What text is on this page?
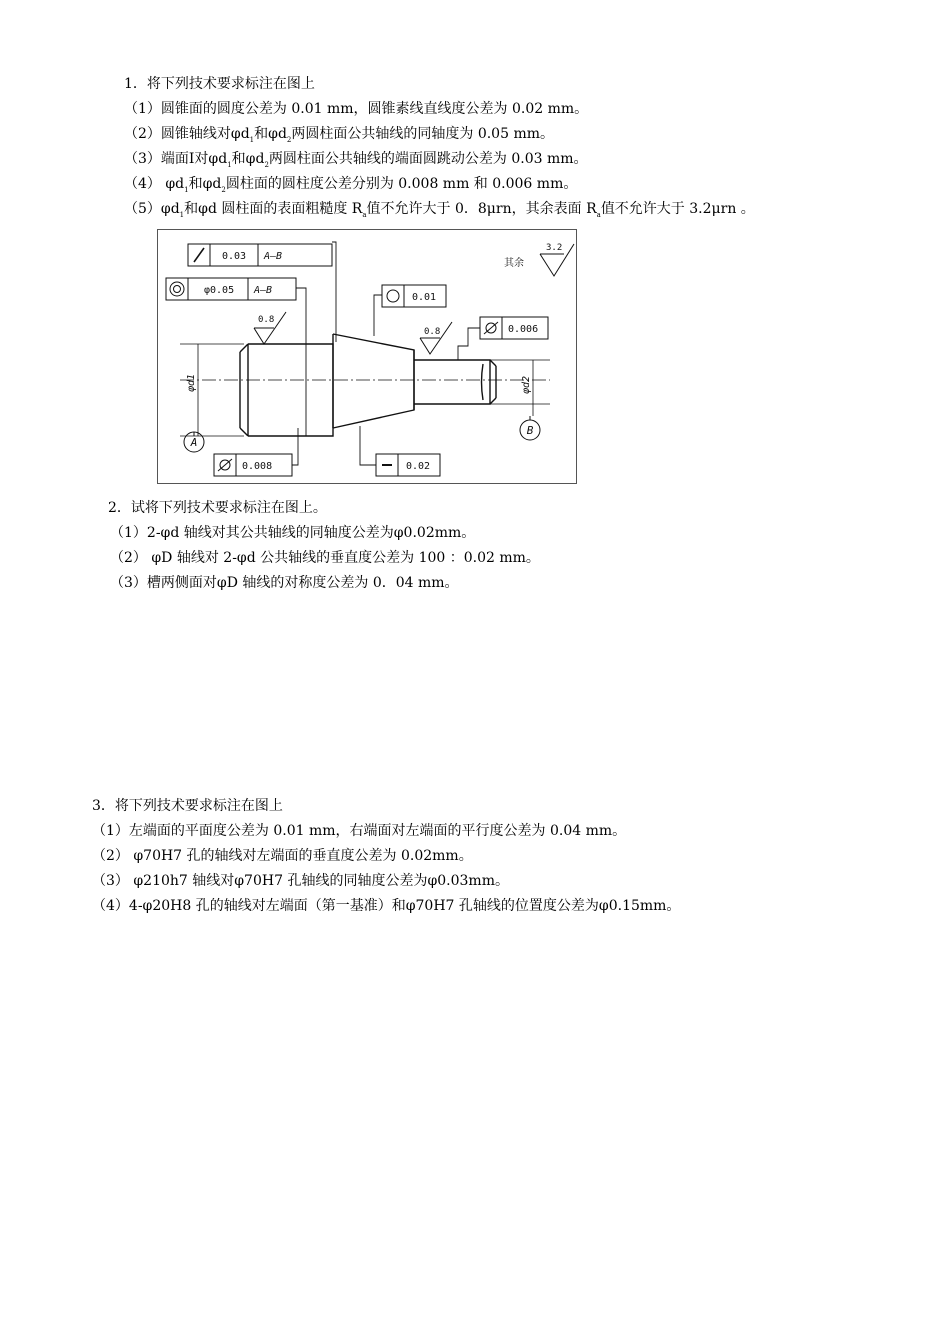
1．将下列技术要求标注在图上
（1）圆锥面的圆度公差为 0.01 mm，圆锥素线直线度公差为 0.02 mm。
（2）圆锥轴线对$\varphi d_1$和$\varphi d_2$两圆柱面公共轴线的同轴度为 0.05 mm。
（3）端面Ⅰ对$\varphi d_1$和$\varphi d_2$两圆柱面公共轴线的端面圆跳动公差为 0.03 mm。
（4） $\varphi d_1$和$\varphi d_2$圆柱面的圆柱度公差分别为 0.008 mm 和 0.006 mm。
$(5)\varphi d_1$和φd 圆柱面的表面粗糙度 $R_a$值不允许大于 0．8μrn，其余表面 $R_a$值不允许大于 3.2μrn 。
0.03 A—B
φ0.05 A—B
0.01
0.006
0.008	0.02
0.8
0.8
3.2
其余
A
B
φd1	φd2
2．试将下列技术要求标注在图上。
（1）2-φd 轴线对其公共轴线的同轴度公差为φ0.02mm。
（2） φD 轴线对 2-φd 公共轴线的垂直度公差为 100 ：0.02 mm。
（3）槽两侧面对φD 轴线的对称度公差为 0．04 mm。
3．将下列技术要求标注在图上
（1）左端面的平面度公差为 0.01 mm，右端面对左端面的平行度公差为 0.04 mm。
（2） φ70H7 孔的轴线对左端面的垂直度公差为 0.02mm。
（3） φ210h7 轴线对φ70H7 孔轴线的同轴度公差为φ0.03mm。
（4）4-φ20H8 孔的轴线对左端面（第一基准）和φ70H7 孔轴线的位置度公差为φ0.15mm。
